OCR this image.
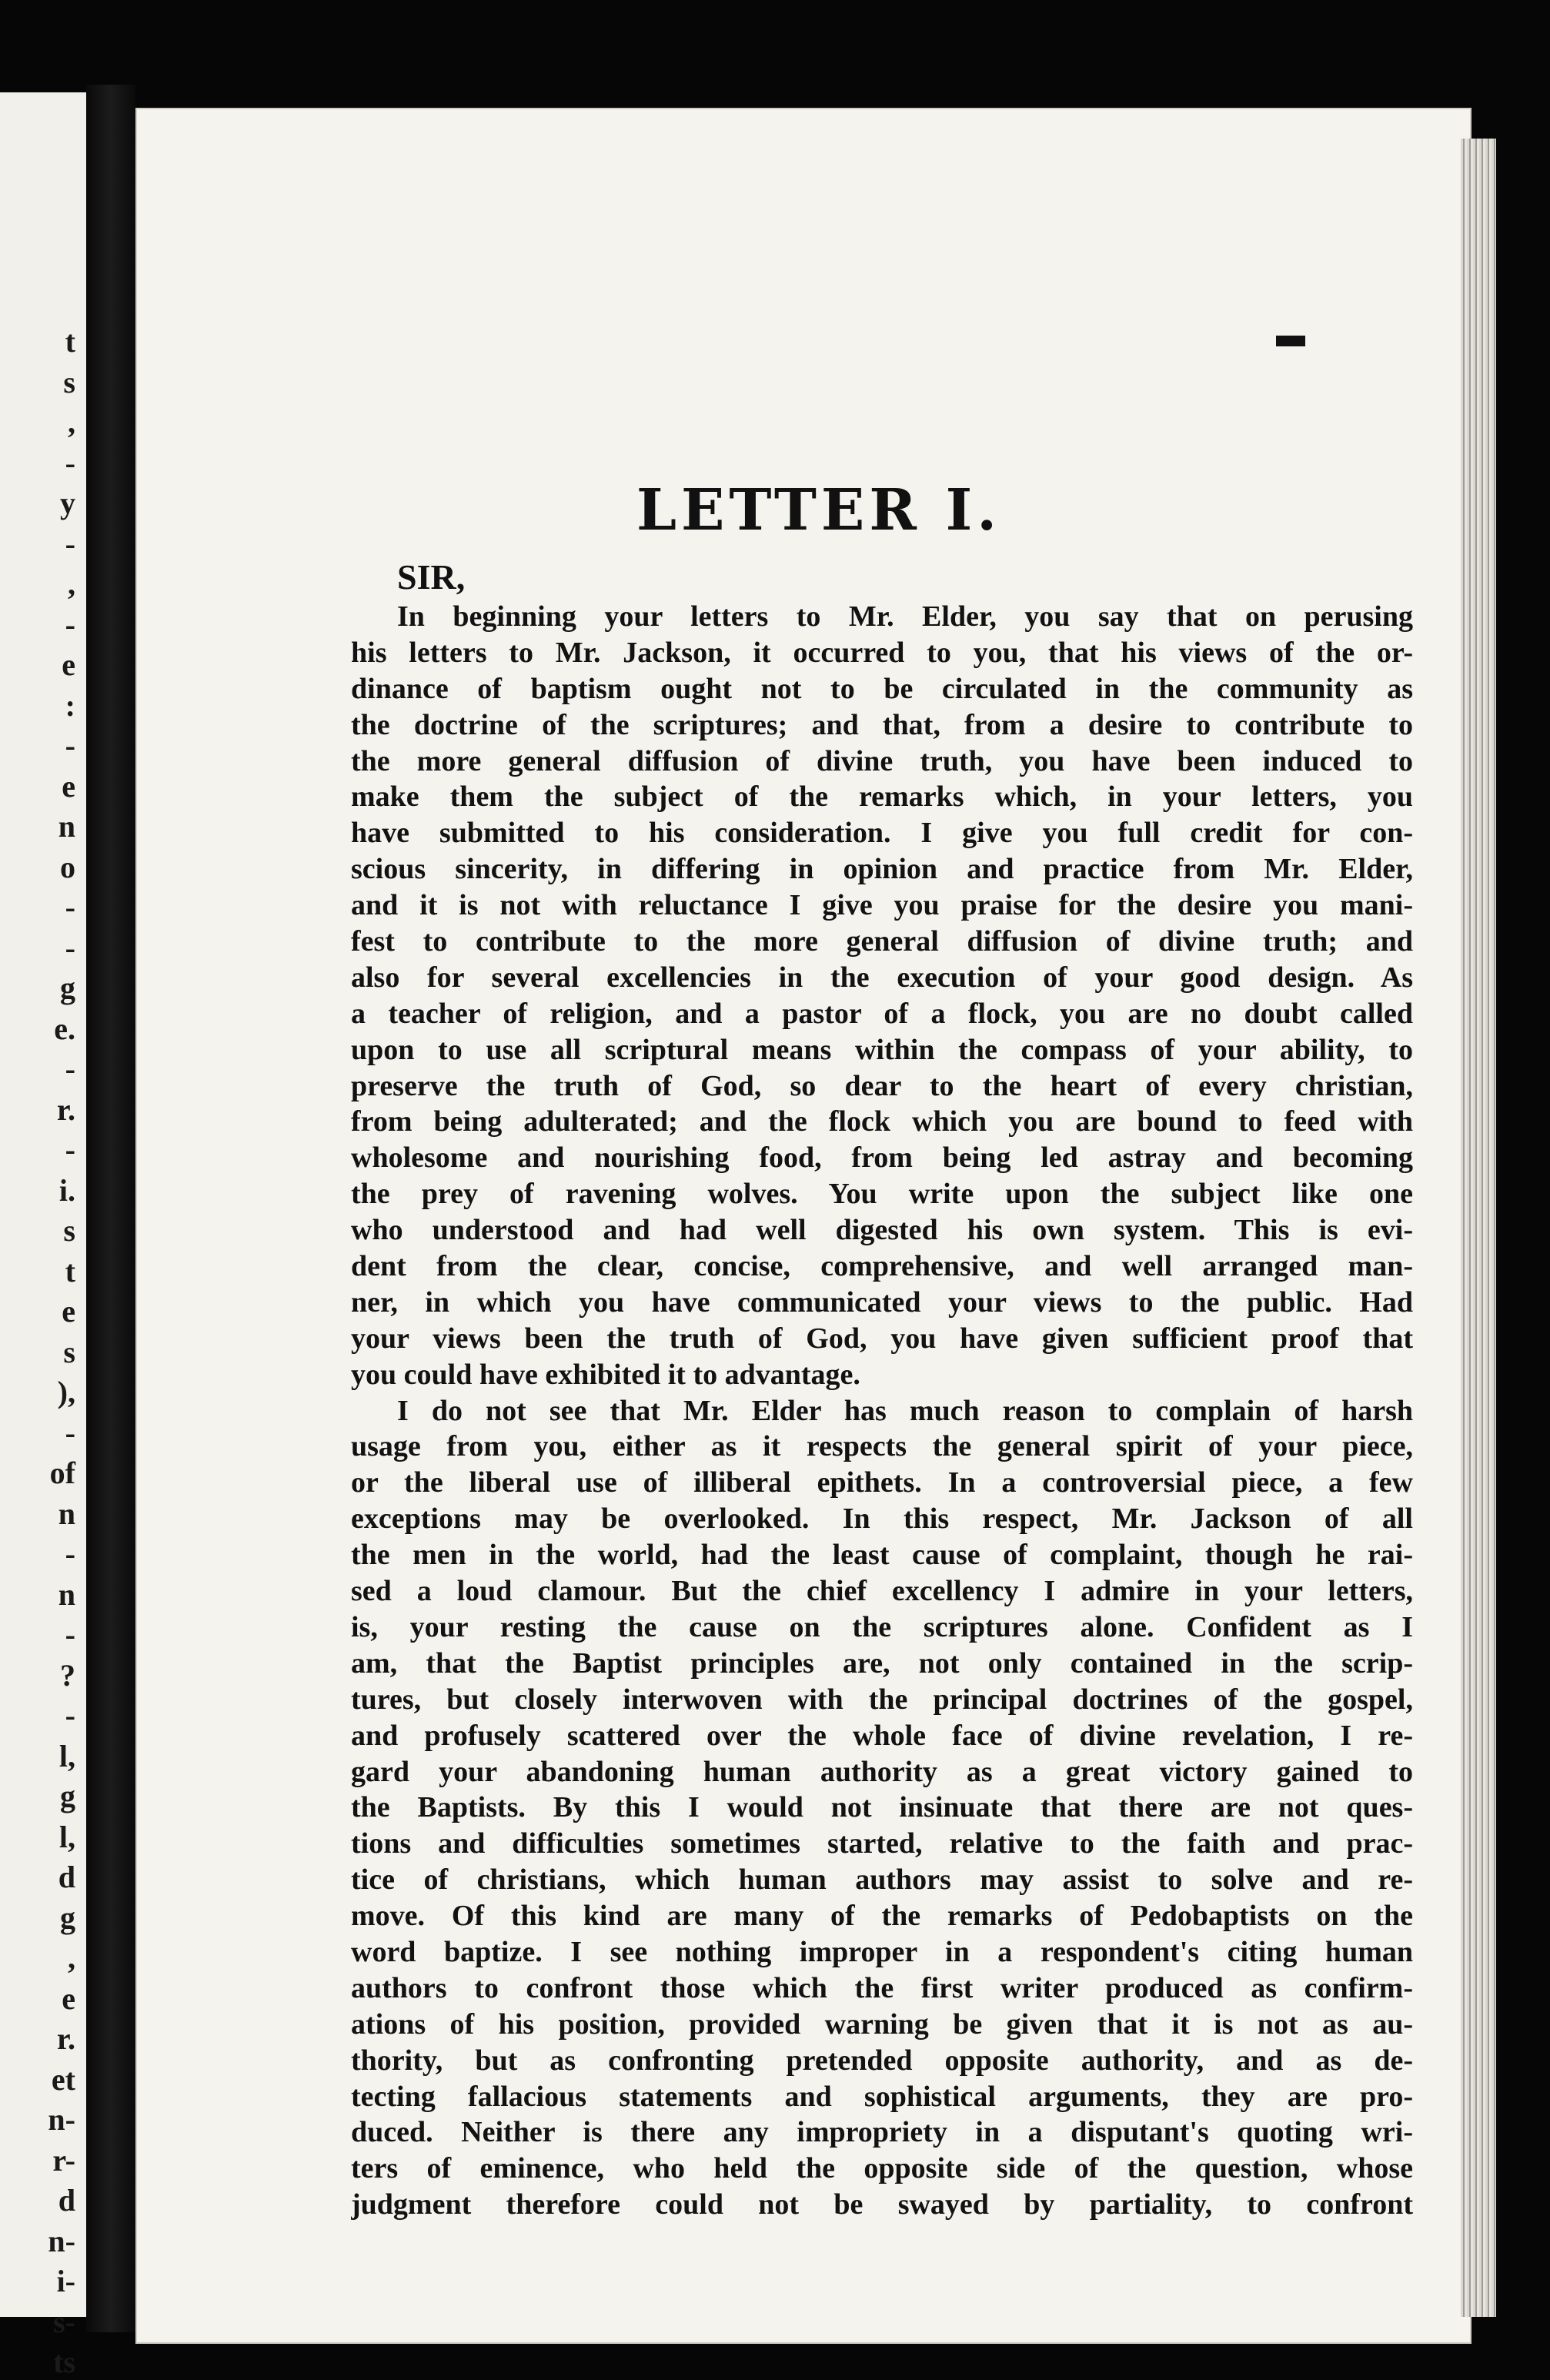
t
s
,
-
y
-
,
-
e
:
-
e
n
o
-
-
g
e.
-
r.
-
i.
s
t
e
s
),
-
of
n
-
n
-
?
-
l,
g
l,
d
g
,
e
r.
et
n-
r-
d
n-
i-
s-
ts
LETTER I.
SIR,
In beginning your letters to Mr. Elder, you say that on perusing
his letters to Mr. Jackson, it occurred to you, that his views of the or-
dinance of baptism ought not to be circulated in the community as
the doctrine of the scriptures; and that, from a desire to contribute to
the more general diffusion of divine truth, you have been induced to
make them the subject of the remarks which, in your letters, you
have submitted to his consideration. I give you full credit for con-
scious sincerity, in differing in opinion and practice from Mr. Elder,
and it is not with reluctance I give you praise for the desire you mani-
fest to contribute to the more general diffusion of divine truth; and
also for several excellencies in the execution of your good design. As
a teacher of religion, and a pastor of a flock, you are no doubt called
upon to use all scriptural means within the compass of your ability, to
preserve the truth of God, so dear to the heart of every christian,
from being adulterated; and the flock which you are bound to feed with
wholesome and nourishing food, from being led astray and becoming
the prey of ravening wolves. You write upon the subject like one
who understood and had well digested his own system. This is evi-
dent from the clear, concise, comprehensive, and well arranged man-
ner, in which you have communicated your views to the public. Had
your views been the truth of God, you have given sufficient proof that
you could have exhibited it to advantage.
I do not see that Mr. Elder has much reason to complain of harsh
usage from you, either as it respects the general spirit of your piece,
or the liberal use of illiberal epithets. In a controversial piece, a few
exceptions may be overlooked. In this respect, Mr. Jackson of all
the men in the world, had the least cause of complaint, though he rai-
sed a loud clamour. But the chief excellency I admire in your letters,
is, your resting the cause on the scriptures alone. Confident as I
am, that the Baptist principles are, not only contained in the scrip-
tures, but closely interwoven with the principal doctrines of the gospel,
and profusely scattered over the whole face of divine revelation, I re-
gard your abandoning human authority as a great victory gained to
the Baptists. By this I would not insinuate that there are not ques-
tions and difficulties sometimes started, relative to the faith and prac-
tice of christians, which human authors may assist to solve and re-
move. Of this kind are many of the remarks of Pedobaptists on the
word baptize. I see nothing improper in a respondent's citing human
authors to confront those which the first writer produced as confirm-
ations of his position, provided warning be given that it is not as au-
thority, but as confronting pretended opposite authority, and as de-
tecting fallacious statements and sophistical arguments, they are pro-
duced. Neither is there any impropriety in a disputant's quoting wri-
ters of eminence, who held the opposite side of the question, whose
judgment therefore could not be swayed by partiality, to confront
